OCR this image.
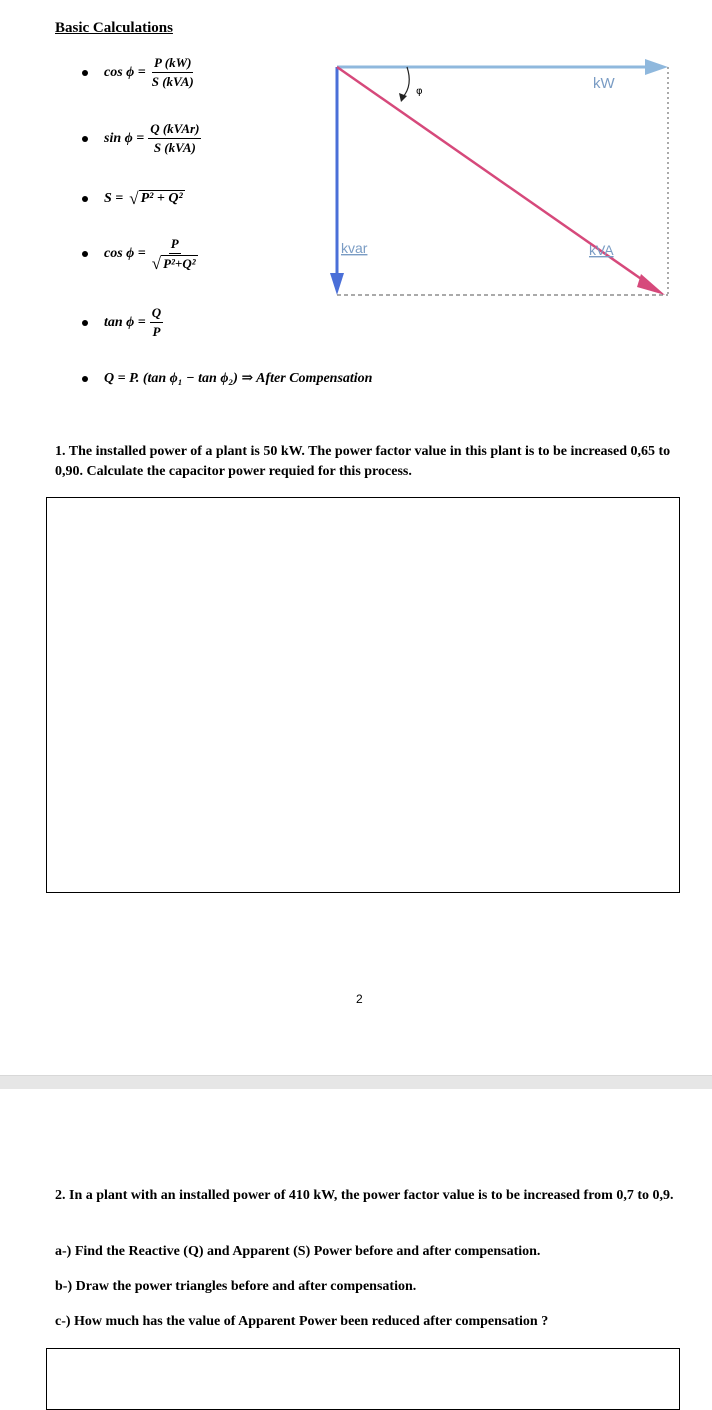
Basic Calculations
$\cos \phi = \frac{P (kW)}{\text{S (kVA)}}$
$\sin \phi = \frac{\text{Q (kVAr)}}{\text{S (kVA)}}$
S = √ P² + Q²
$\cos \phi = \frac{P}{\text{√ P²+Q²}}$
$\tan \phi = \frac{Q}{P}$
Q = P. (tan ϕ₁ − tan ϕ₂) ⇒ After Compensation
φ	kW
kvar	kVA
1. The installed power of a plant is 50 kW. The power factor value in this plant is to be increased 0,65 to 0,90. Calculate the capacitor power requied for this process.
2
2. In a plant with an installed power of 410 kW, the power factor value is to be increased from 0,7 to 0,9.
a-) Find the Reactive (Q) and Apparent (S) Power before and after compensation.
b-) Draw the power triangles before and after compensation.
c-) How much has the value of Apparent Power been reduced after compensation ?
